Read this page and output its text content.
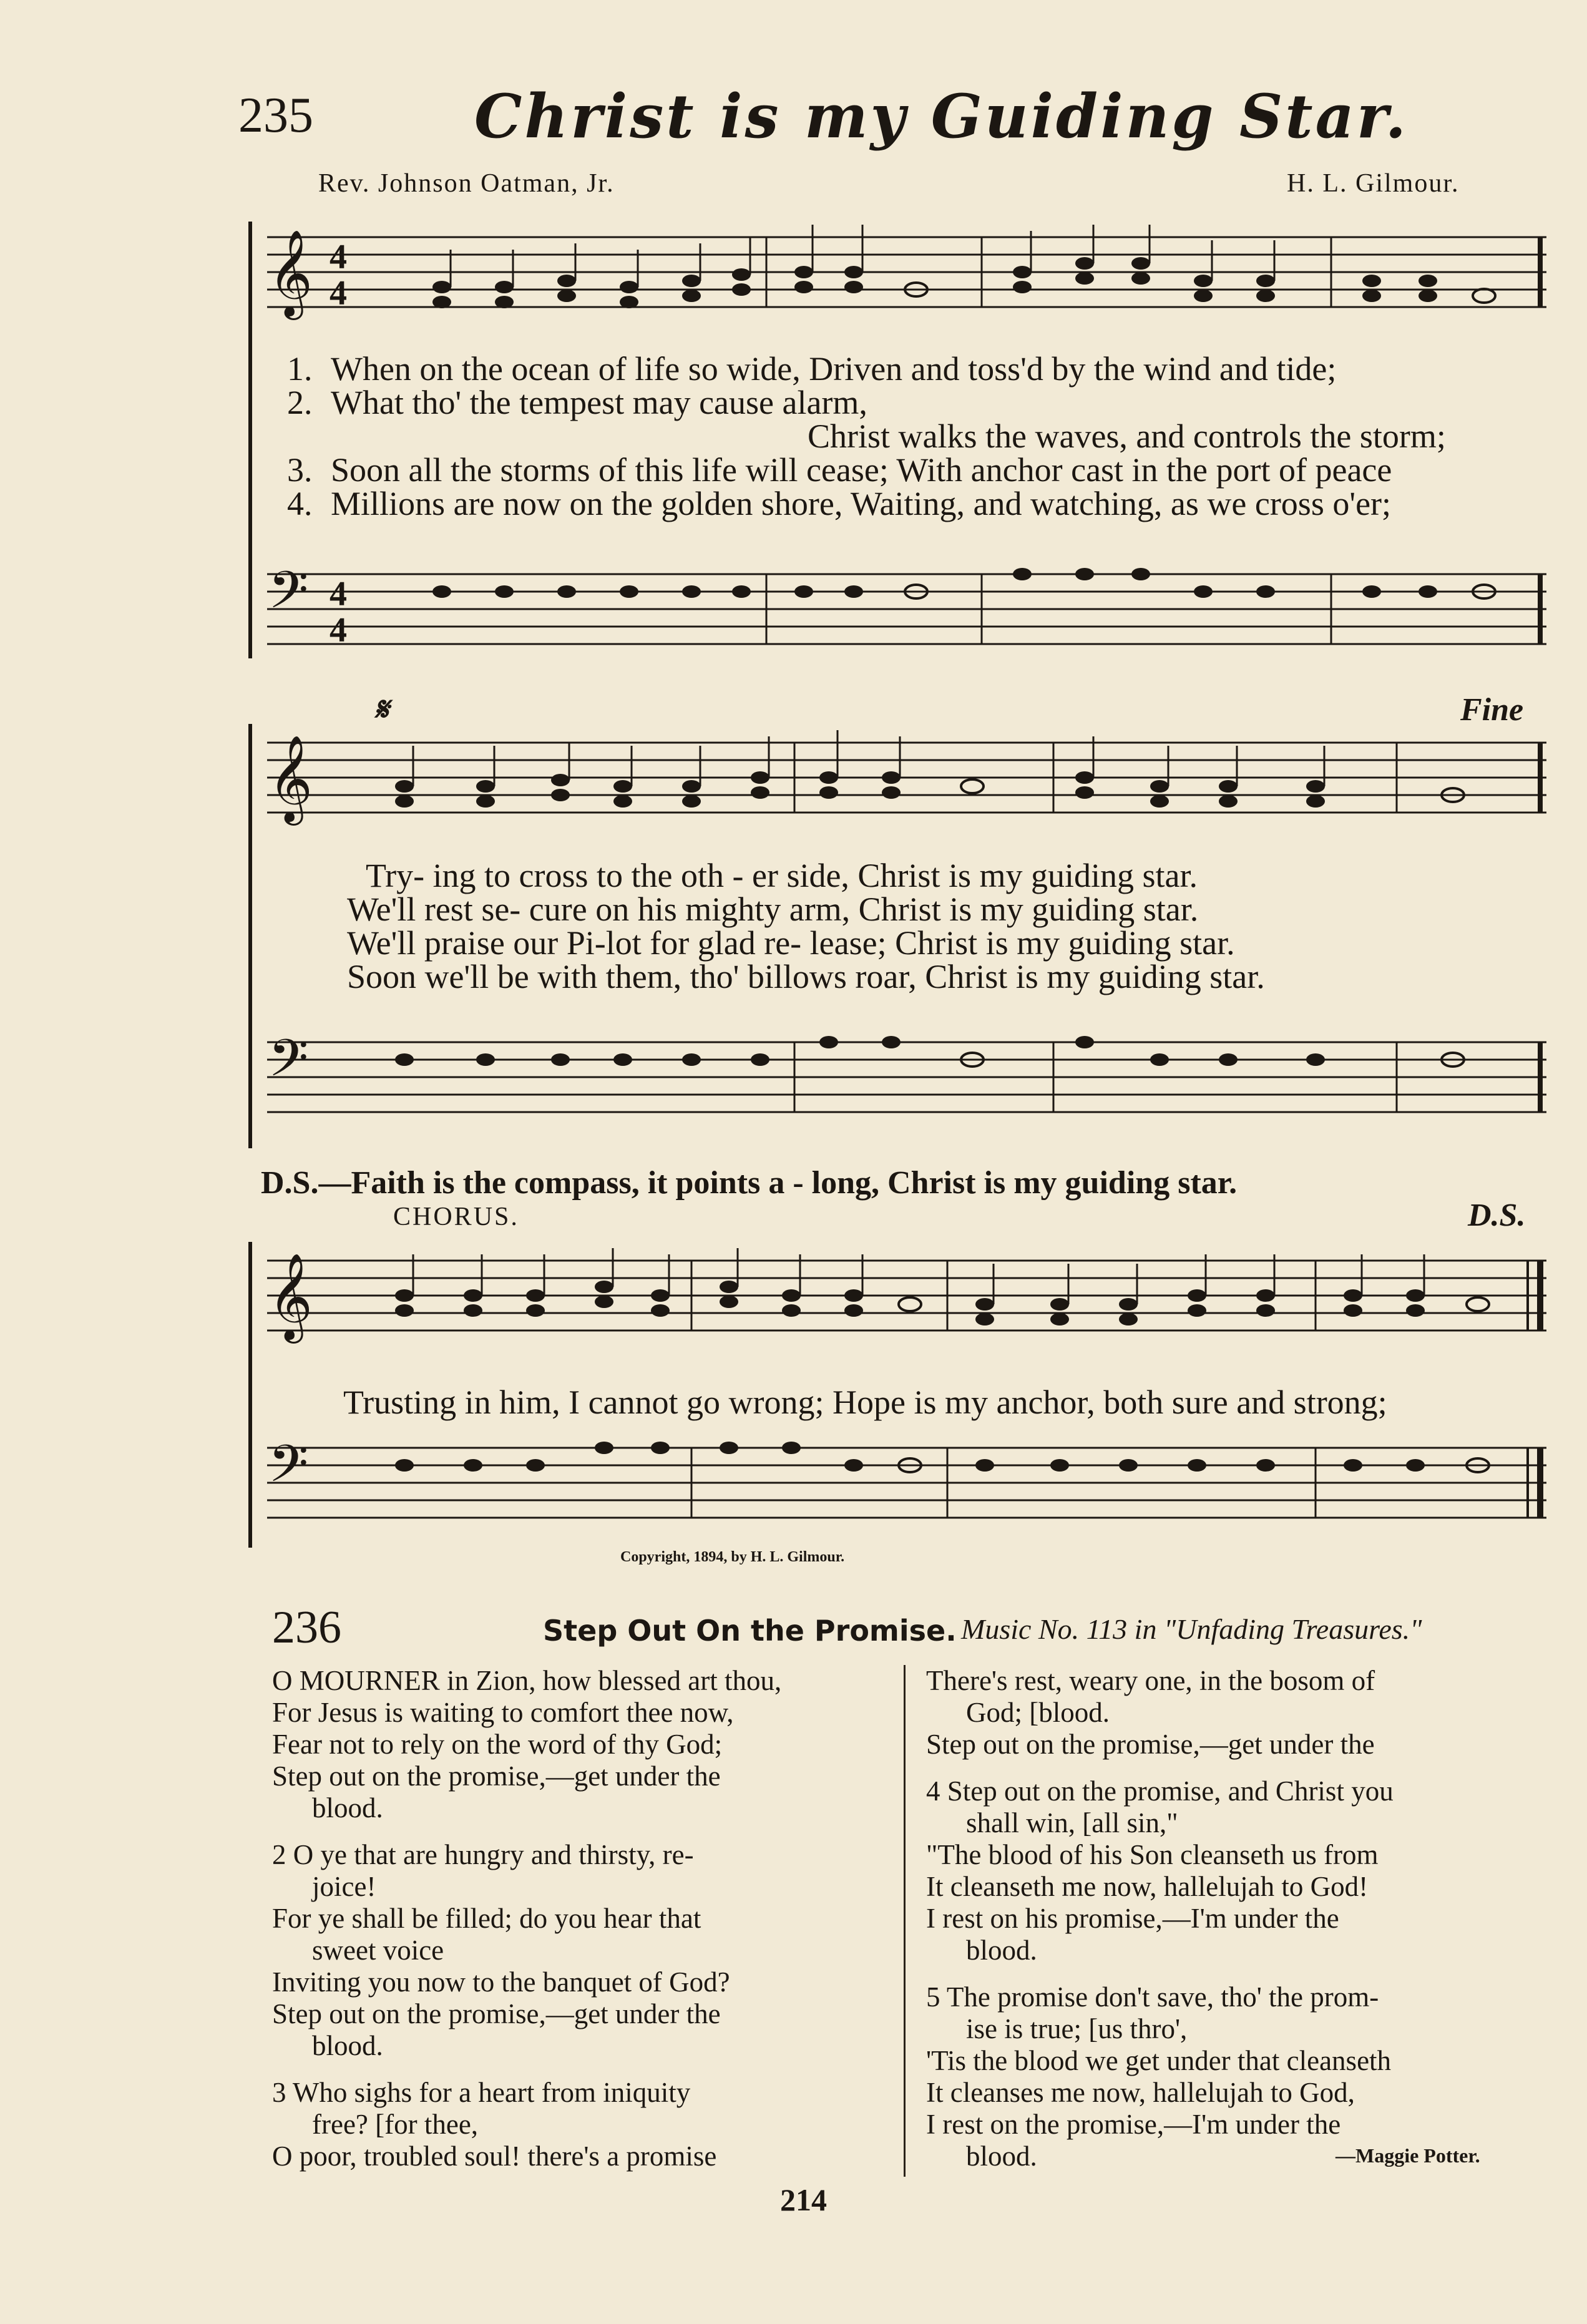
235	Christ is my Guiding Star.
Rev. Johnson Oatman, Jr.	H. L. Gilmour.
𝄞 4
4
1. When on the ocean of life so wide, Driven and toss'd by the wind and tide;
2. What tho' the tempest may cause alarm,
Christ walks the waves, and controls the storm;
3. Soon all the storms of this life will cease; With anchor cast in the port of peace
4. Millions are now on the golden shore, Waiting, and watching, as we cross o'er;
𝄢 4
4
𝄋	Fine
𝄞
Try- ing to cross to the oth - er side, Christ is my guiding star.
We'll rest se- cure on his mighty arm, Christ is my guiding star.
We'll praise our Pi-lot for glad re- lease; Christ is my guiding star.
Soon we'll be with them, tho' billows roar, Christ is my guiding star.
𝄢
D.S.—Faith is the compass, it points a - long, Christ is my guiding star.
CHORUS.	D.S.
𝄞
Trusting in him, I cannot go wrong; Hope is my anchor, both sure and strong;
𝄢
Copyright, 1894, by H. L. Gilmour.
236	Step Out On the Promise. Music No. 113 in "Unfading Treasures."

O MOURNER in Zion, how blessed art thou,

For Jesus is waiting to comfort thee now,

Fear not to rely on the word of thy God;

Step out on the promise,—get under the

blood.

2 O ye that are hungry and thirsty, re-

joice!

For ye shall be filled; do you hear that

sweet voice

Inviting you now to the banquet of God?

Step out on the promise,—get under the

blood.

3 Who sighs for a heart from iniquity

free? [for thee,

O poor, troubled soul! there's a promise

There's rest, weary one, in the bosom of

God; [blood.

Step out on the promise,—get under the

4 Step out on the promise, and Christ you

shall win, [all sin,"

"The blood of his Son cleanseth us from

It cleanseth me now, hallelujah to God!

I rest on his promise,—I'm under the

blood.

5 The promise don't save, tho' the prom-

ise is true; [us thro',

'Tis the blood we get under that cleanseth

It cleanses me now, hallelujah to God,

I rest on the promise,—I'm under the

blood.	—Maggie Potter.
214
